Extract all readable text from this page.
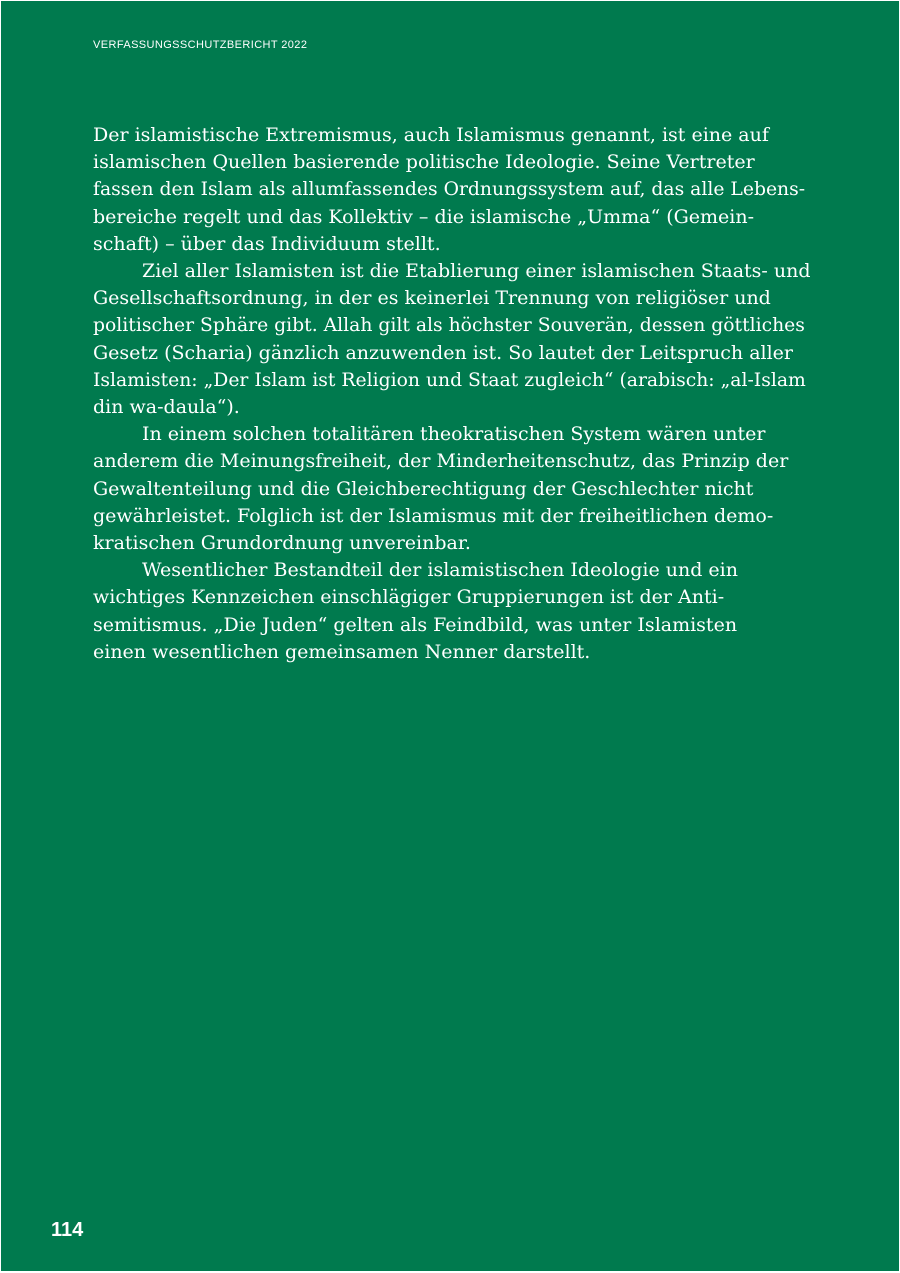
VERFASSUNGSSCHUTZBERICHT 2022

Der islamistische Extremismus, auch Islamismus genannt, ist eine auf
islamischen Quellen basierende politische Ideologie. Seine Vertreter
fassen den Islam als allumfassendes Ordnungssystem auf, das alle Lebens-
bereiche regelt und das Kollektiv – die islamische „Umma“ (Gemein-
schaft) – über das Individuum stellt.

Ziel aller Islamisten ist die Etablierung einer islamischen Staats- und
Gesellschaftsordnung, in der es keinerlei Trennung von religiöser und
politischer Sphäre gibt. Allah gilt als höchster Souverän, dessen göttliches
Gesetz (Scharia) gänzlich anzuwenden ist. So lautet der Leitspruch aller
Islamisten: „Der Islam ist Religion und Staat zugleich“ (arabisch: „al-Islam
din wa-daula“).

In einem solchen totalitären theokratischen System wären unter
anderem die Meinungsfreiheit, der Minderheitenschutz, das Prinzip der
Gewaltenteilung und die Gleichberechtigung der Geschlechter nicht
gewährleistet. Folglich ist der Islamismus mit der freiheitlichen demo-
kratischen Grundordnung unvereinbar.

Wesentlicher Bestandteil der islamistischen Ideologie und ein
wichtiges Kennzeichen einschlägiger Gruppierungen ist der Anti-
semitismus. „Die Juden“ gelten als Feindbild, was unter Islamisten
einen wesentlichen gemeinsamen Nenner darstellt.

114
